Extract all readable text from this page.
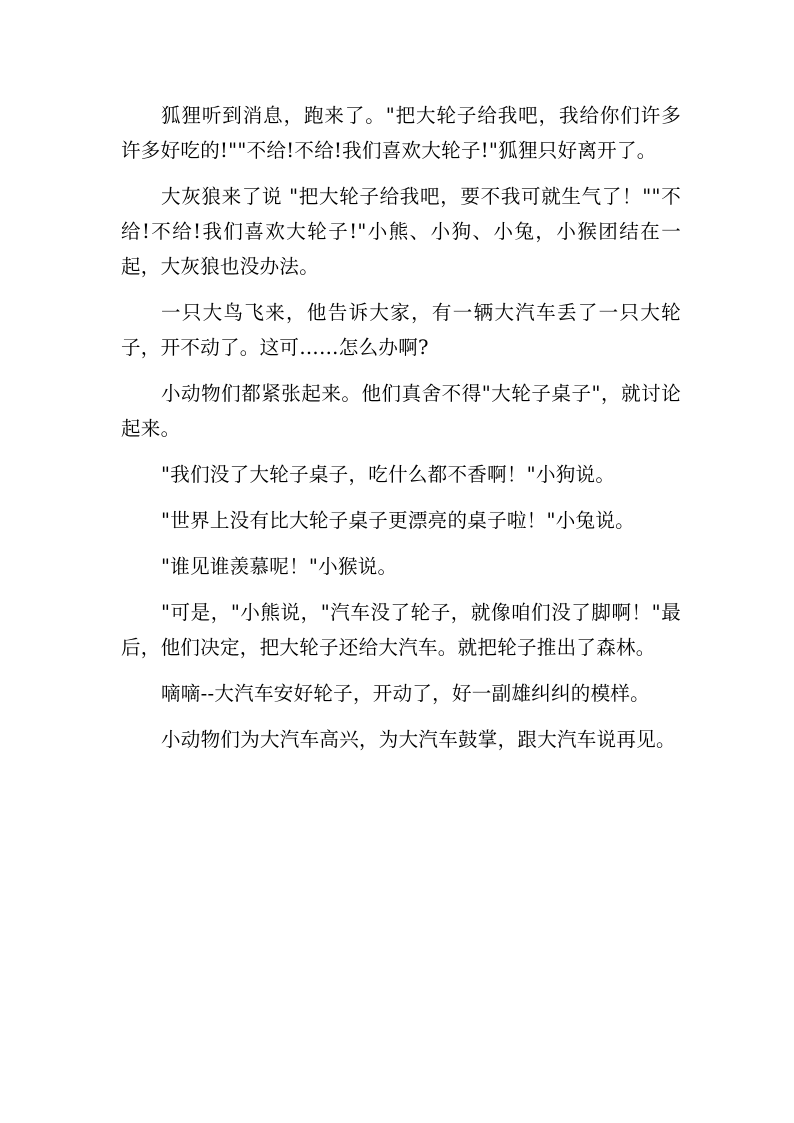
狐狸听到消息，跑来了。"把大轮子给我吧，我给你们许多许多好吃的!""不给!不给!我们喜欢大轮子!"狐狸只好离开了。

大灰狼来了说 "把大轮子给我吧，要不我可就生气了！""不给!不给!我们喜欢大轮子!"小熊、小狗、小兔，小猴团结在一起，大灰狼也没办法。

一只大鸟飞来，他告诉大家，有一辆大汽车丢了一只大轮子，开不动了。这可……怎么办啊?

小动物们都紧张起来。他们真舍不得"大轮子桌子"，就讨论起来。

"我们没了大轮子桌子，吃什么都不香啊！"小狗说。

"世界上没有比大轮子桌子更漂亮的桌子啦！"小兔说。

"谁见谁羡慕呢！"小猴说。

"可是，"小熊说，"汽车没了轮子，就像咱们没了脚啊！"最后，他们决定，把大轮子还给大汽车。就把轮子推出了森林。

嘀嘀--大汽车安好轮子，开动了，好一副雄纠纠的模样。

小动物们为大汽车高兴，为大汽车鼓掌，跟大汽车说再见。
